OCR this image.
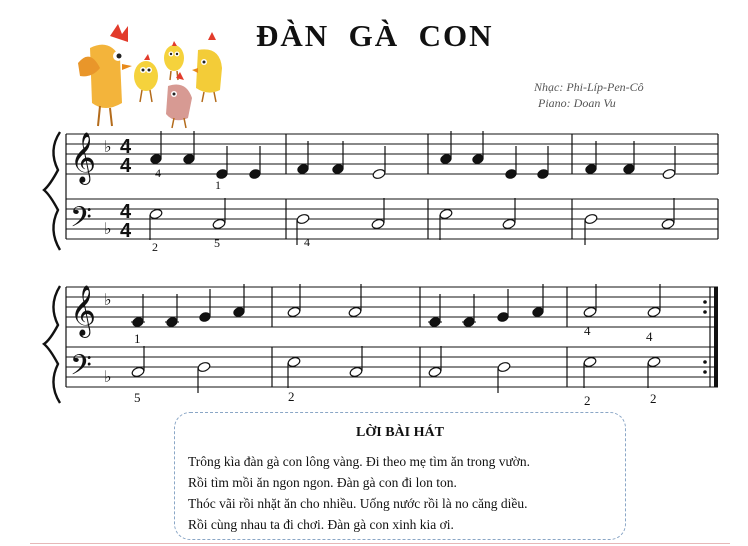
ĐÀN  GÀ  CON
Nhạc: Phi-Líp-Pen-Cô
Piano: Doan Vu
𝄞
𝄢
♭
♭
4
4
4
4
4
1
2	5	4
𝄞
𝄢
♭
♭
1
4	4
5	2	2	2
LỜI BÀI HÁT
Trông kìa đàn gà con lông vàng. Đi theo mẹ tìm ăn trong vườn.
Rồi tìm mồi ăn ngon ngon. Đàn gà con đi lon ton.
Thóc vãi rồi nhặt ăn cho nhiều. Uống nước rồi là no căng diều.
Rồi cùng nhau ta đi chơi. Đàn gà con xinh kia ơi.
